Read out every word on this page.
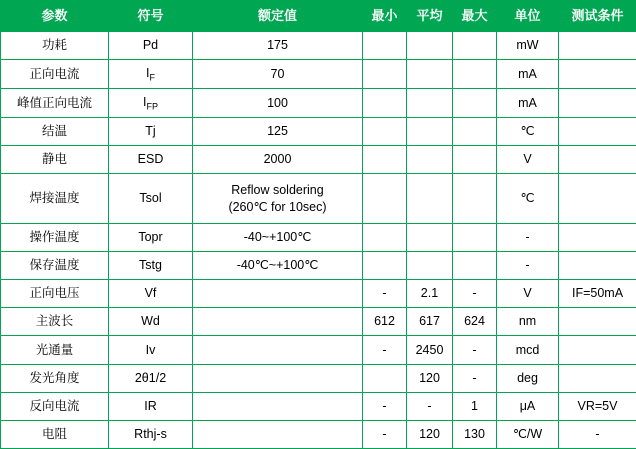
参数	符号	额定值	最小	平均	最大	单位	测试条件
功耗	Pd	175				mW	
正向电流	$I_F$	70				mA	
峰值正向电流	$I_{FP}$	100				mA	
结温	Tj	125				℃	
静电	ESD	2000				V	
焊接温度	Tsol	Reflow soldering
(260℃ for 10sec)				℃	
操作温度	Topr	-40~+100℃				-	
保存温度	Tstg	-40℃~+100℃				-	
正向电压	Vf		-	2.1	-	V	IF=50mA
主波长	Wd		612	617	624	nm	
光通量	Iv		-	2450	-	mcd	
发光角度	2θ1/2			120	-	deg	
反向电流	IR		-	-	1	μA	VR=5V
电阻	Rthj-s		-	120	130	℃/W	-
